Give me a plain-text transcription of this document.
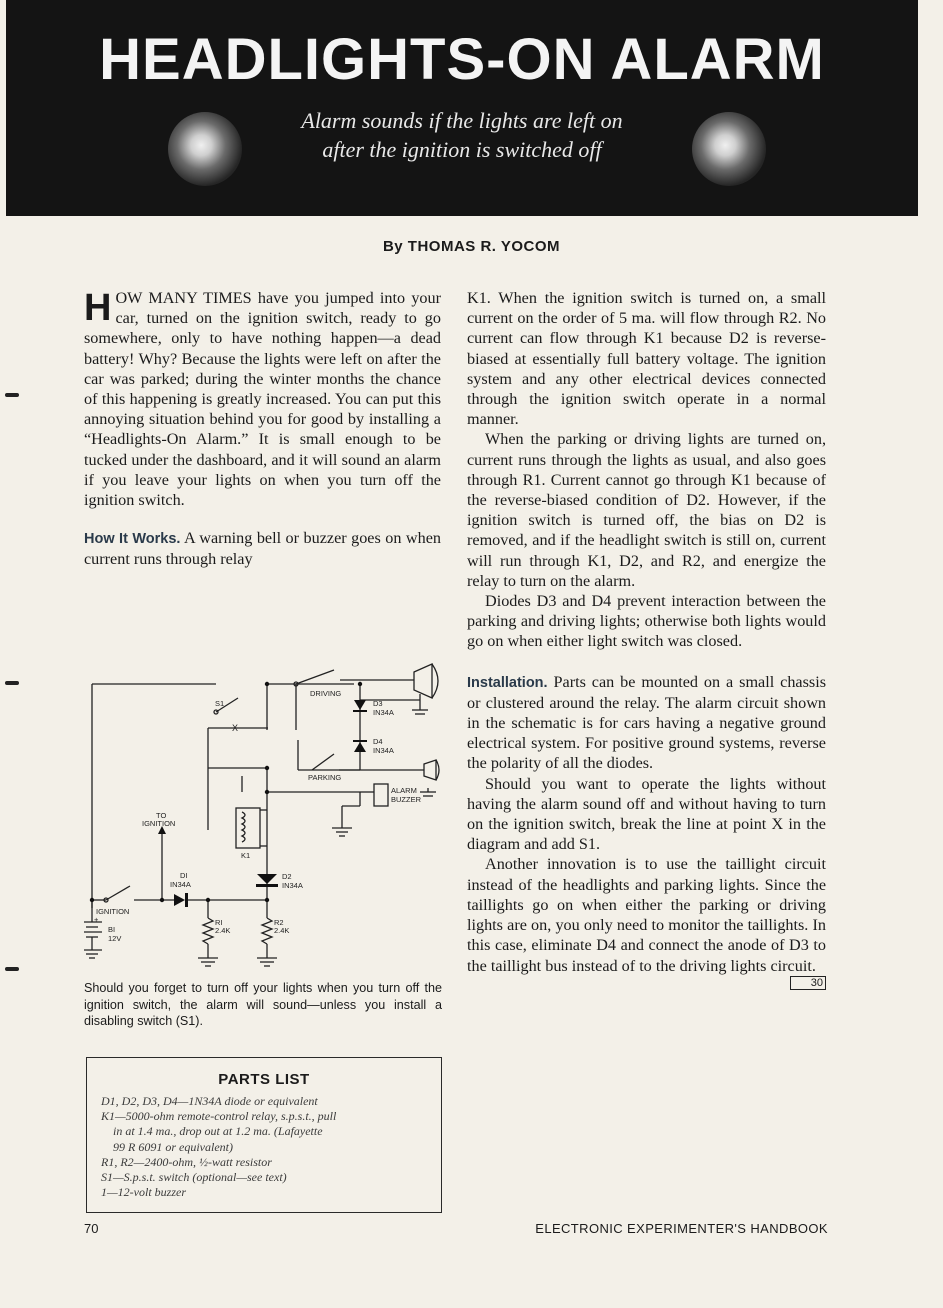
HEADLIGHTS-ON ALARM
Alarm sounds if the lights are left on
after the ignition is switched off
By THOMAS R. YOCOM

HOW MANY TIMES have you jumped into your car, turned on the ignition switch, ready to go somewhere, only to have nothing happen—a dead battery! Why? Because the lights were left on after the car was parked; during the winter months the chance of this happening is greatly increased. You can put this annoying situation behind you for good by installing a “Headlights-On Alarm.” It is small enough to be tucked under the dashboard, and it will sound an alarm if you leave your lights on when you turn off the ignition switch.

How It Works. A warning bell or buzzer goes on when current runs through relay

S1
DRIVING
D3
IN34A
D4
IN34A
PARKING
ALARM
BUZZER
TO
IGNITION
K1
DI
IN34A
D2
IN34A
IGNITION
+
BI
12V
RI
2.4K
R2
2.4K
X
Should you forget to turn off your lights when you turn off the ignition switch, the alarm will sound—unless you install a disabling switch (S1).
PARTS LIST
D1, D2, D3, D4—1N34A diode or equivalent
K1—5000-ohm remote-control relay, s.p.s.t., pull
in at 1.4 ma., drop out at 1.2 ma. (Lafayette
99 R 6091 or equivalent)
R1, R2—2400-ohm, ½-watt resistor
S1—S.p.s.t. switch (optional—see text)
1—12-volt buzzer

K1. When the ignition switch is turned on, a small current on the order of 5 ma. will flow through R2. No current can flow through K1 because D2 is reverse-biased at essentially full battery voltage. The ignition system and any other electrical devices connected through the ignition switch operate in a normal manner.

When the parking or driving lights are turned on, current runs through the lights as usual, and also goes through R1. Current cannot go through K1 because of the reverse-biased condition of D2. However, if the ignition switch is turned off, the bias on D2 is removed, and if the headlight switch is still on, current will run through K1, D2, and R2, and energize the relay to turn on the alarm.

Diodes D3 and D4 prevent interaction between the parking and driving lights; otherwise both lights would go on when either light switch was closed.

Installation. Parts can be mounted on a small chassis or clustered around the relay. The alarm circuit shown in the schematic is for cars having a negative ground electrical system. For positive ground systems, reverse the polarity of all the diodes.

Should you want to operate the lights without having the alarm sound off and without having to turn on the ignition switch, break the line at point X in the diagram and add S1.

Another innovation is to use the taillight circuit instead of the headlights and parking lights. Since the taillights go on when either the parking or driving lights are on, you only need to monitor the taillights. In this case, eliminate D4 and connect the anode of D3 to the taillight bus instead of to the driving lights circuit.
30

70	ELECTRONIC EXPERIMENTER'S HANDBOOK
